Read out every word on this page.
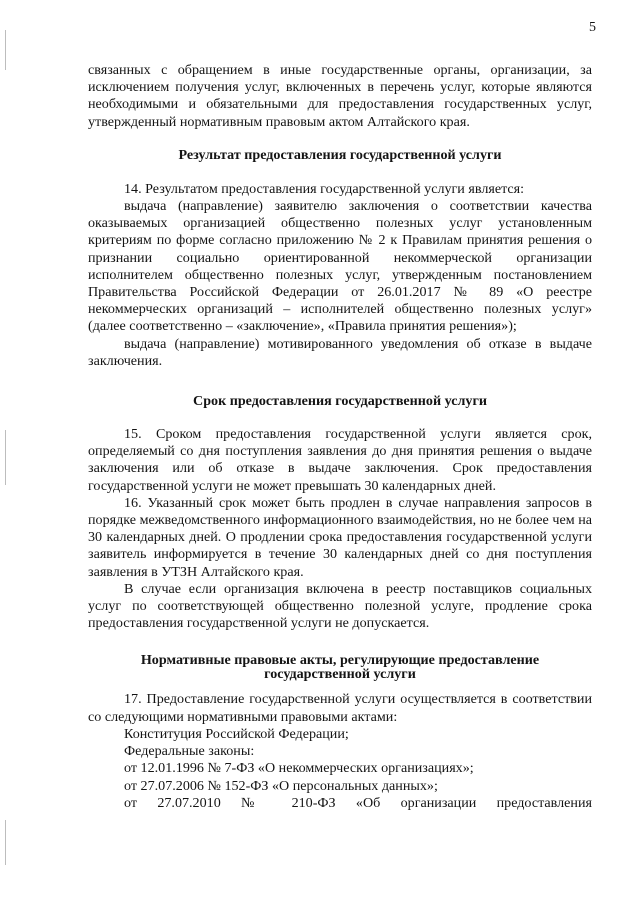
5

связанных с обращением в иные государственные органы, организации, за исключением получения услуг, включенных в перечень услуг, которые являются необходимыми и обязательными для предоставления государственных услуг, утвержденный нормативным правовым актом Алтайского края.

Результат предоставления государственной услуги

14. Результатом предоставления государственной услуги является:

выдача (направление) заявителю заключения о соответствии качества оказываемых организацией общественно полезных услуг установленным критериям по форме согласно приложению № 2 к Правилам принятия решения о признании социально ориентированной некоммерческой организации исполнителем общественно полезных услуг, утвержденным постановлением Правительства Российской Федерации от 26.01.2017 № 89 «О реестре некоммерческих организаций – исполнителей общественно полезных услуг» (далее соответственно – «заключение», «Правила принятия решения»);

выдача (направление) мотивированного уведомления об отказе в выдаче заключения.

Срок предоставления государственной услуги

15. Сроком предоставления государственной услуги является срок, определяемый со дня поступления заявления до дня принятия решения о выдаче заключения или об отказе в выдаче заключения. Срок предоставления государственной услуги не может превышать 30 календарных дней.

16. Указанный срок может быть продлен в случае направления запросов в порядке межведомственного информационного взаимодействия, но не более чем на 30 календарных дней. О продлении срока предоставления государственной услуги заявитель информируется в течение 30 календарных дней со дня поступления заявления в УТЗН Алтайского края.

В случае если организация включена в реестр поставщиков социальных услуг по соответствующей общественно полезной услуге, продление срока предоставления государственной услуги не допускается.

Нормативные правовые акты, регулирующие предоставление
государственной услуги

17. Предоставление государственной услуги осуществляется в соответствии со следующими нормативными правовыми актами:

Конституция Российской Федерации;

Федеральные законы:

от 12.01.1996 № 7-ФЗ «О некоммерческих организациях»;

от 27.07.2006 № 152-ФЗ «О персональных данных»;

от 27.07.2010 № 210-ФЗ «Об организации предоставления
